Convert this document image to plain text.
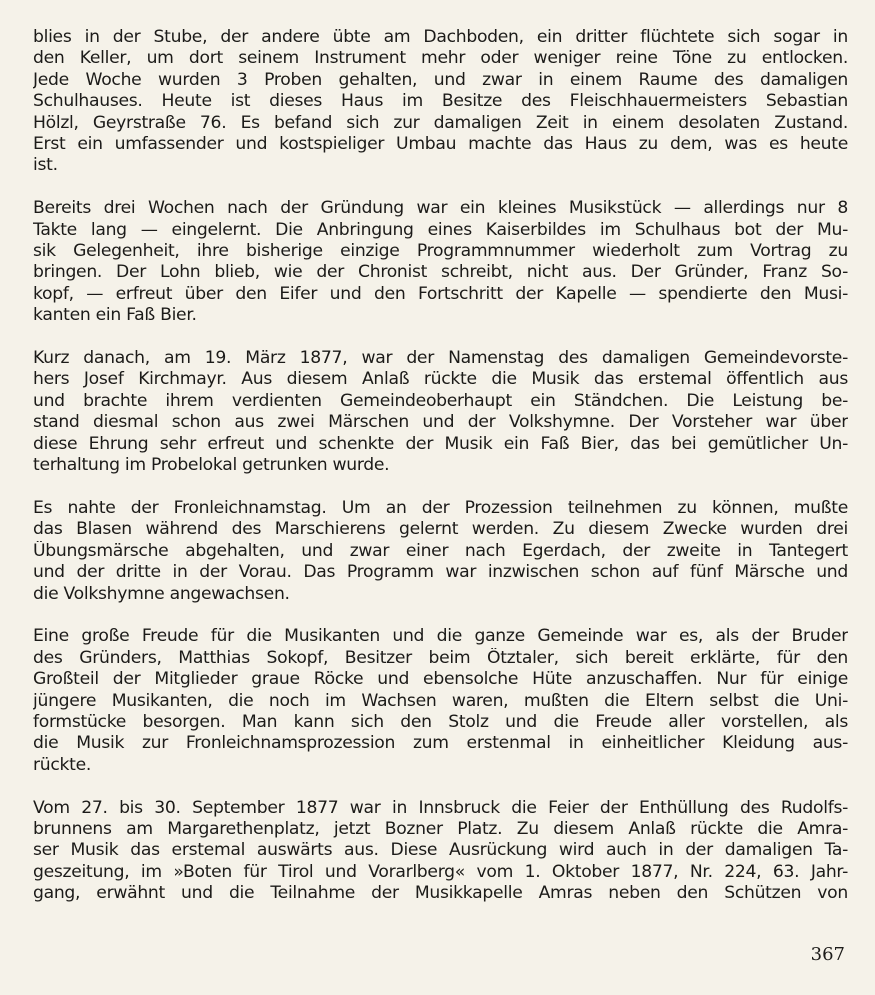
blies in der Stube, der andere übte am Dachboden, ein dritter flüchtete sich sogar in
den Keller, um dort seinem Instrument mehr oder weniger reine Töne zu entlocken.
Jede Woche wurden 3 Proben gehalten, und zwar in einem Raume des damaligen
Schulhauses. Heute ist dieses Haus im Besitze des Fleischhauermeisters Sebastian
Hölzl, Geyrstraße 76. Es befand sich zur damaligen Zeit in einem desolaten Zustand.
Erst ein umfassender und kostspieliger Umbau machte das Haus zu dem, was es heute
ist.
Bereits drei Wochen nach der Gründung war ein kleines Musikstück — allerdings nur 8
Takte lang — eingelernt. Die Anbringung eines Kaiserbildes im Schulhaus bot der Mu-
sik Gelegenheit, ihre bisherige einzige Programmnummer wiederholt zum Vortrag zu
bringen. Der Lohn blieb, wie der Chronist schreibt, nicht aus. Der Gründer, Franz So-
kopf, — erfreut über den Eifer und den Fortschritt der Kapelle — spendierte den Musi-
kanten ein Faß Bier.
Kurz danach, am 19. März 1877, war der Namenstag des damaligen Gemeindevorste-
hers Josef Kirchmayr. Aus diesem Anlaß rückte die Musik das erstemal öffentlich aus
und brachte ihrem verdienten Gemeindeoberhaupt ein Ständchen. Die Leistung be-
stand diesmal schon aus zwei Märschen und der Volkshymne. Der Vorsteher war über
diese Ehrung sehr erfreut und schenkte der Musik ein Faß Bier, das bei gemütlicher Un-
terhaltung im Probelokal getrunken wurde.
Es nahte der Fronleichnamstag. Um an der Prozession teilnehmen zu können, mußte
das Blasen während des Marschierens gelernt werden. Zu diesem Zwecke wurden drei
Übungsmärsche abgehalten, und zwar einer nach Egerdach, der zweite in Tantegert
und der dritte in der Vorau. Das Programm war inzwischen schon auf fünf Märsche und
die Volkshymne angewachsen.
Eine große Freude für die Musikanten und die ganze Gemeinde war es, als der Bruder
des Gründers, Matthias Sokopf, Besitzer beim Ötztaler, sich bereit erklärte, für den
Großteil der Mitglieder graue Röcke und ebensolche Hüte anzuschaffen. Nur für einige
jüngere Musikanten, die noch im Wachsen waren, mußten die Eltern selbst die Uni-
formstücke besorgen. Man kann sich den Stolz und die Freude aller vorstellen, als
die Musik zur Fronleichnamsprozession zum erstenmal in einheitlicher Kleidung aus-
rückte.
Vom 27. bis 30. September 1877 war in Innsbruck die Feier der Enthüllung des Rudolfs-
brunnens am Margarethenplatz, jetzt Bozner Platz. Zu diesem Anlaß rückte die Amra-
ser Musik das erstemal auswärts aus. Diese Ausrückung wird auch in der damaligen Ta-
geszeitung, im »Boten für Tirol und Vorarlberg« vom 1. Oktober 1877, Nr. 224, 63. Jahr-
gang, erwähnt und die Teilnahme der Musikkapelle Amras neben den Schützen von
367
